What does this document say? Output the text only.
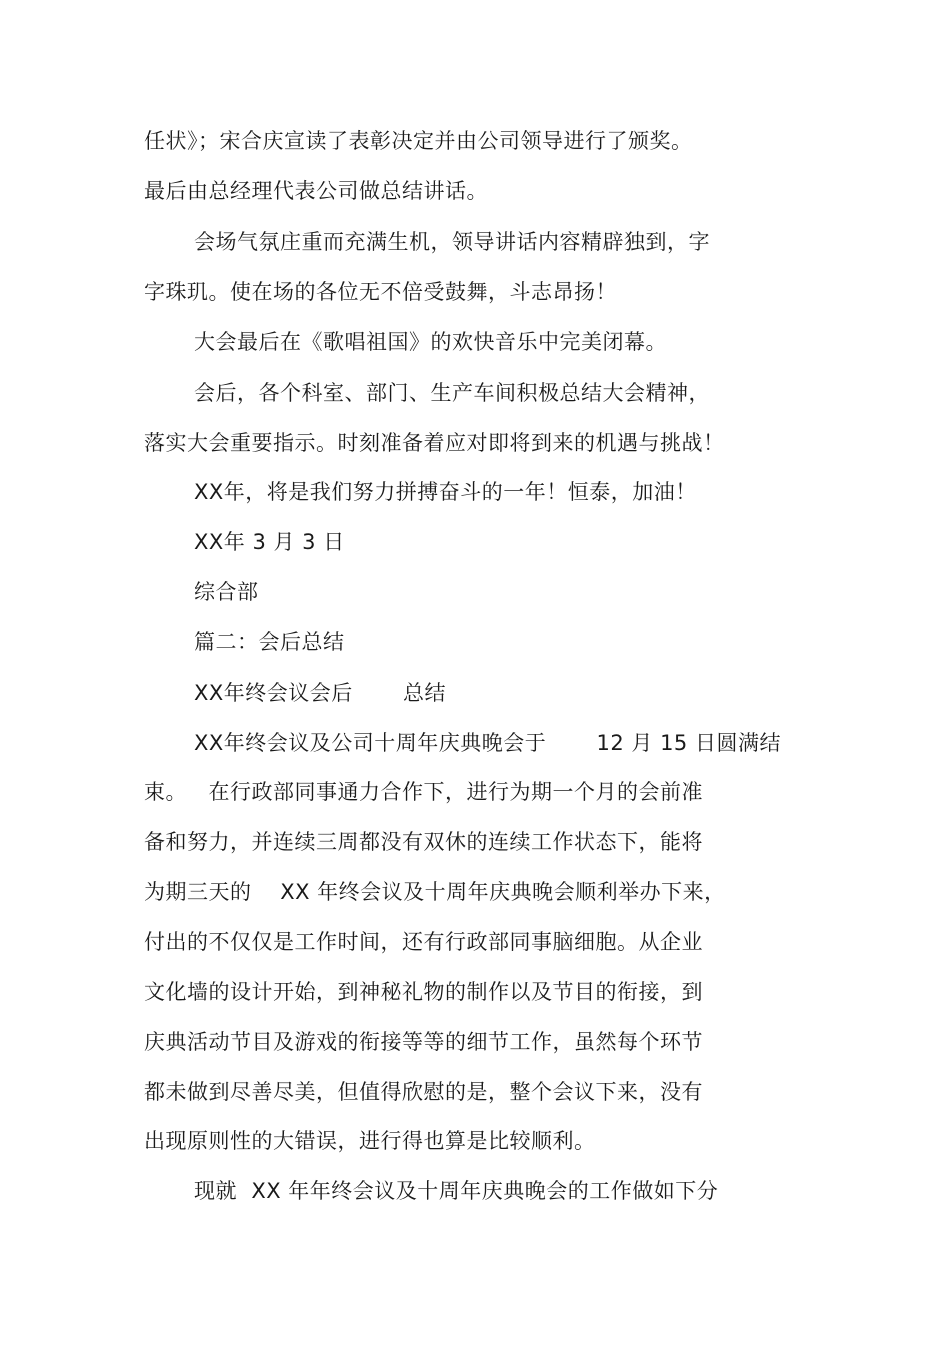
任状》；宋合庆宣读了表彰决定并由公司领导进行了颁奖。
最后由总经理代表公司做总结讲话。
会场气氛庄重而充满生机，领导讲话内容精辟独到，字
字珠玑。使在场的各位无不倍受鼓舞，斗志昂扬！
大会最后在《歌唱祖国》的欢快音乐中完美闭幕。
会后，各个科室、部门、生产车间积极总结大会精神，
落实大会重要指示。时刻准备着应对即将到来的机遇与挑战！
XX年，将是我们努力拼搏奋斗的一年！恒泰，加油！
XX年 3 月 3 日
综合部
篇二：会后总结
XX年终会议会后       总结
XX年终会议及公司十周年庆典晚会于       12 月 15 日圆满结
束。   在行政部同事通力合作下，进行为期一个月的会前准
备和努力，并连续三周都没有双休的连续工作状态下，能将
为期三天的    XX 年终会议及十周年庆典晚会顺利举办下来，
付出的不仅仅是工作时间，还有行政部同事脑细胞。从企业
文化墙的设计开始，到神秘礼物的制作以及节目的衔接，到
庆典活动节目及游戏的衔接等等的细节工作，虽然每个环节
都未做到尽善尽美，但值得欣慰的是，整个会议下来，没有
出现原则性的大错误，进行得也算是比较顺利。
现就  XX 年年终会议及十周年庆典晚会的工作做如下分
